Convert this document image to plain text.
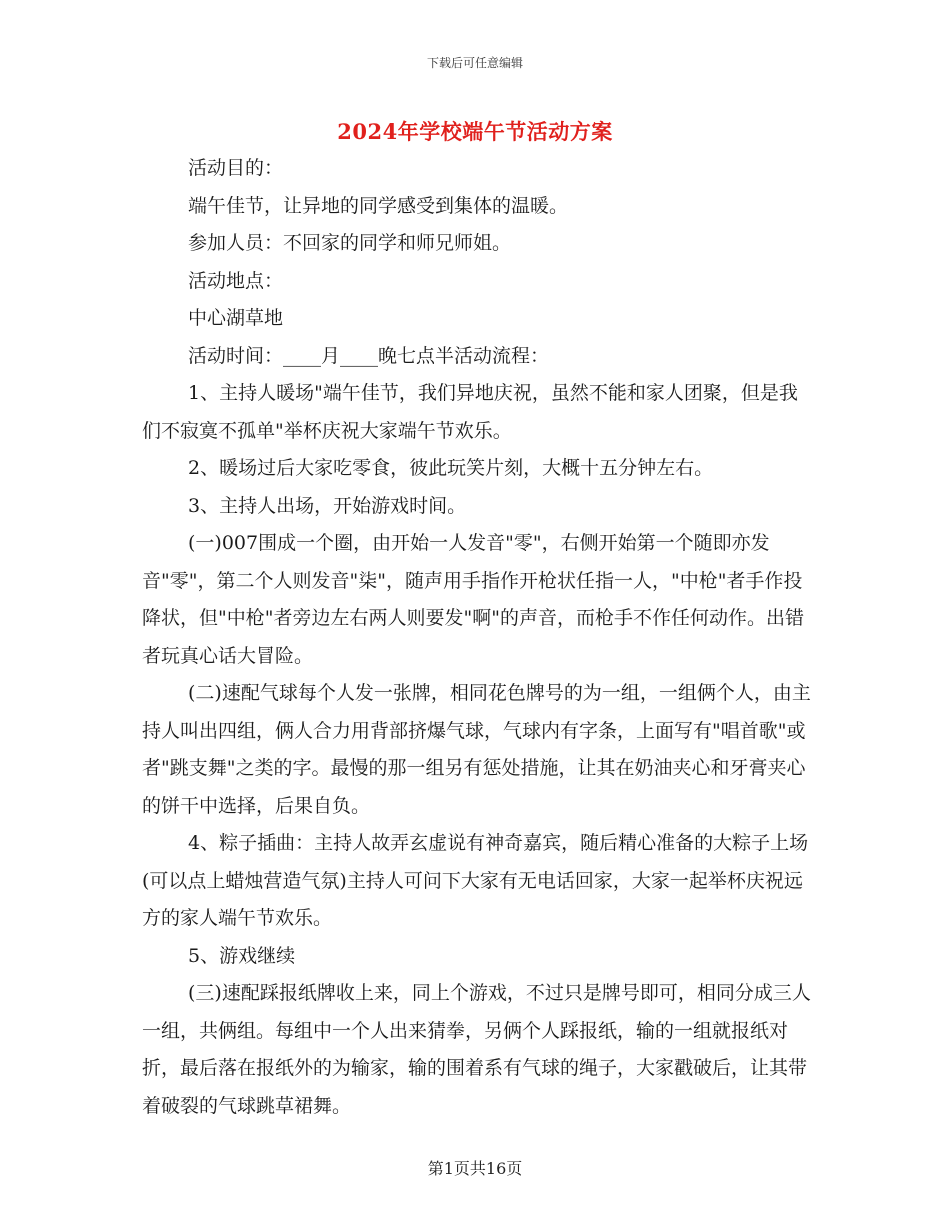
下载后可任意编辑
2024年学校端午节活动方案

活动目的：

端午佳节，让异地的同学感受到集体的温暖。

参加人员：不回家的同学和师兄师姐。

活动地点：

中心湖草地

活动时间：____月____晚七点半活动流程：

1、主持人暖场"端午佳节，我们异地庆祝，虽然不能和家人团聚，但是我们不寂寞不孤单"举杯庆祝大家端午节欢乐。

2、暖场过后大家吃零食，彼此玩笑片刻，大概十五分钟左右。

3、主持人出场，开始游戏时间。

(一)007围成一个圈，由开始一人发音"零"，右侧开始第一个随即亦发音"零"，第二个人则发音"柒"，随声用手指作开枪状任指一人，"中枪"者手作投降状，但"中枪"者旁边左右两人则要发"啊"的声音，而枪手不作任何动作。出错者玩真心话大冒险。

(二)速配气球每个人发一张牌，相同花色牌号的为一组，一组俩个人，由主持人叫出四组，俩人合力用背部挤爆气球，气球内有字条，上面写有"唱首歌"或者"跳支舞"之类的字。最慢的那一组另有惩处措施，让其在奶油夹心和牙膏夹心的饼干中选择，后果自负。

4、粽子插曲：主持人故弄玄虚说有神奇嘉宾，随后精心准备的大粽子上场(可以点上蜡烛营造气氛)主持人可问下大家有无电话回家，大家一起举杯庆祝远方的家人端午节欢乐。

5、游戏继续

(三)速配踩报纸牌收上来，同上个游戏，不过只是牌号即可，相同分成三人一组，共俩组。每组中一个人出来猜拳，另俩个人踩报纸，输的一组就报纸对折，最后落在报纸外的为输家，输的围着系有气球的绳子，大家戳破后，让其带着破裂的气球跳草裙舞。

第1页共16页
